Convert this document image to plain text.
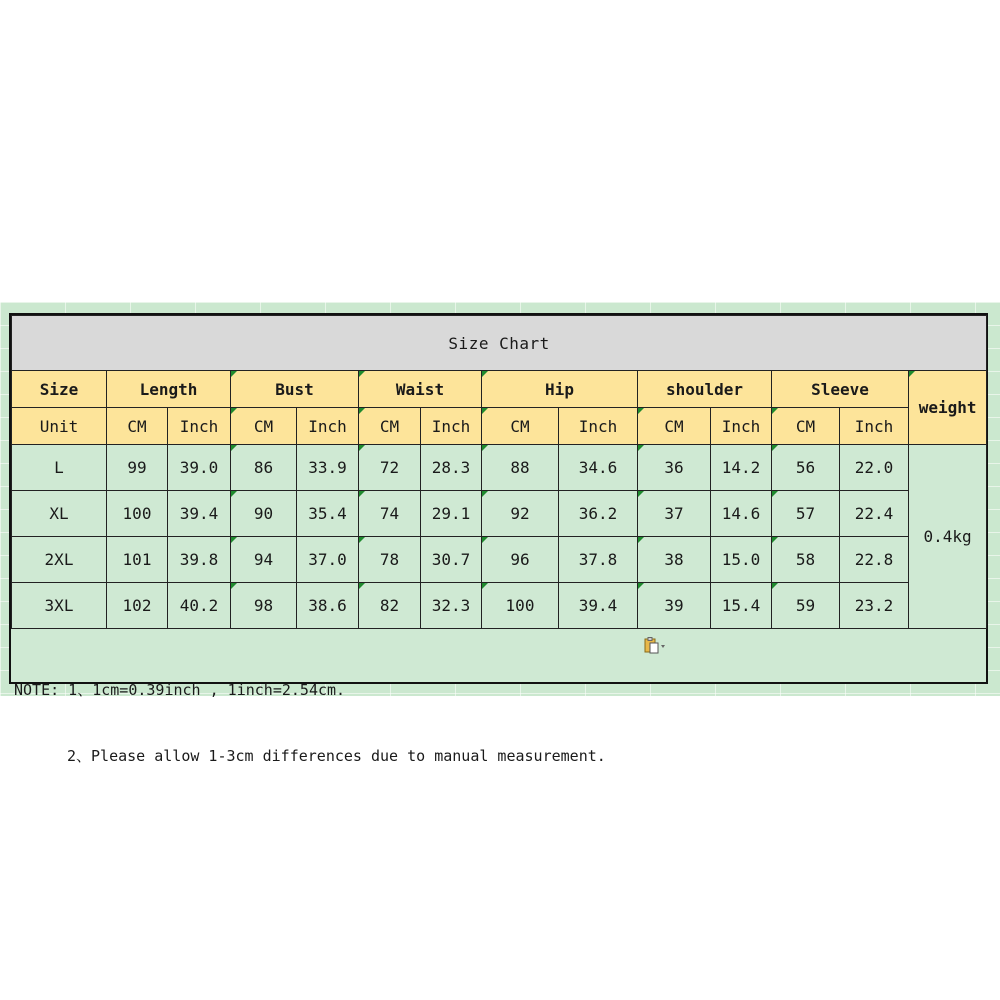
Size Chart													
Size	Length		Bust		Waist		Hip		shoulder		Sleeve		weight
Unit	CM	Inch	CM	Inch	CM	Inch	CM	Inch	CM	Inch	CM	Inch	
L	99	39.0	86	33.9	72	28.3	88	34.6	36	14.2	56	22.0	0.4kg
XL	100	39.4	90	35.4	74	29.1	92	36.2	37	14.6	57	22.4	
2XL	101	39.8	94	37.0	78	30.7	96	37.8	38	15.0	58	22.8	
3XL	102	40.2	98	38.6	82	32.3	100	39.4	39	15.4	59	23.2	

NOTE: 1、1cm=0.39inch , 1inch=2.54cm.

2、Please allow 1-3cm differences due to manual measurement.
